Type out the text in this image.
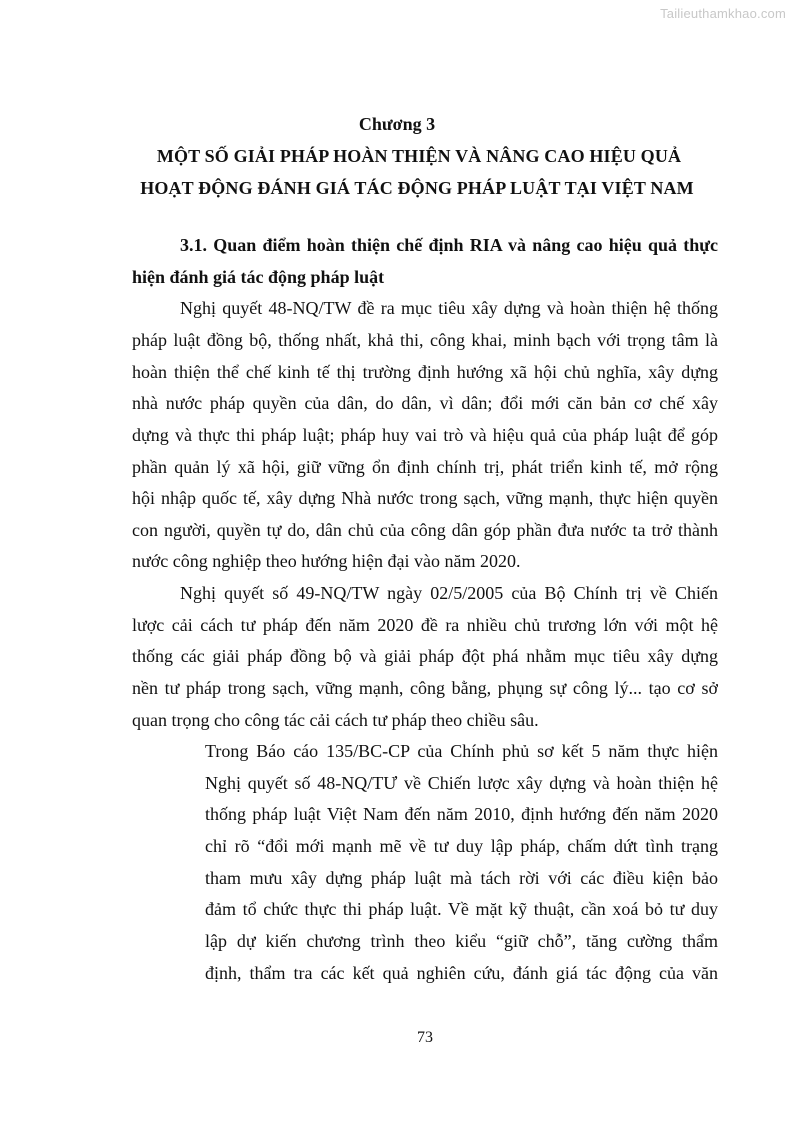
Tailieuthamkhao.com
Chương 3
MỘT SỐ GIẢI PHÁP HOÀN THIỆN VÀ NÂNG CAO HIỆU QUẢ
HOẠT ĐỘNG ĐÁNH GIÁ TÁC ĐỘNG PHÁP LUẬT TẠI VIỆT NAM
3.1. Quan điểm hoàn thiện chế định RIA và nâng cao hiệu quả thực
hiện đánh giá tác động pháp luật
Nghị quyết 48-NQ/TW đề ra mục tiêu xây dựng và hoàn thiện hệ thống
pháp luật đồng bộ, thống nhất, khả thi, công khai, minh bạch với trọng tâm là
hoàn thiện thể chế kinh tế thị trường định hướng xã hội chủ nghĩa, xây dựng
nhà nước pháp quyền của dân, do dân, vì dân; đổi mới căn bản cơ chế xây
dựng và thực thi pháp luật; pháp huy vai trò và hiệu quả của pháp luật để góp
phần quản lý xã hội, giữ vững ổn định chính trị, phát triển kinh tế, mở rộng
hội nhập quốc tế, xây dựng Nhà nước trong sạch, vững mạnh, thực hiện quyền
con người, quyền tự do, dân chủ của công dân góp phần đưa nước ta trở thành
nước công nghiệp theo hướng hiện đại vào năm 2020.
Nghị quyết số 49-NQ/TW ngày 02/5/2005 của Bộ Chính trị về Chiến
lược cải cách tư pháp đến năm 2020 đề ra nhiều chủ trương lớn với một hệ
thống các giải pháp đồng bộ và giải pháp đột phá nhằm mục tiêu xây dựng
nền tư pháp trong sạch, vững mạnh, công bằng, phụng sự công lý... tạo cơ sở
quan trọng cho công tác cải cách tư pháp theo chiều sâu.
Trong Báo cáo 135/BC-CP của Chính phủ sơ kết 5 năm thực hiện
Nghị quyết số 48-NQ/TƯ về Chiến lược xây dựng và hoàn thiện hệ
thống pháp luật Việt Nam đến năm 2010, định hướng đến năm 2020
chỉ rõ “đổi mới mạnh mẽ về tư duy lập pháp, chấm dứt tình trạng
tham mưu xây dựng pháp luật mà tách rời với các điều kiện bảo
đảm tổ chức thực thi pháp luật. Về mặt kỹ thuật, cần xoá bỏ tư duy
lập dự kiến chương trình theo kiểu “giữ chỗ”, tăng cường thẩm
định, thẩm tra các kết quả nghiên cứu, đánh giá tác động của văn
73
